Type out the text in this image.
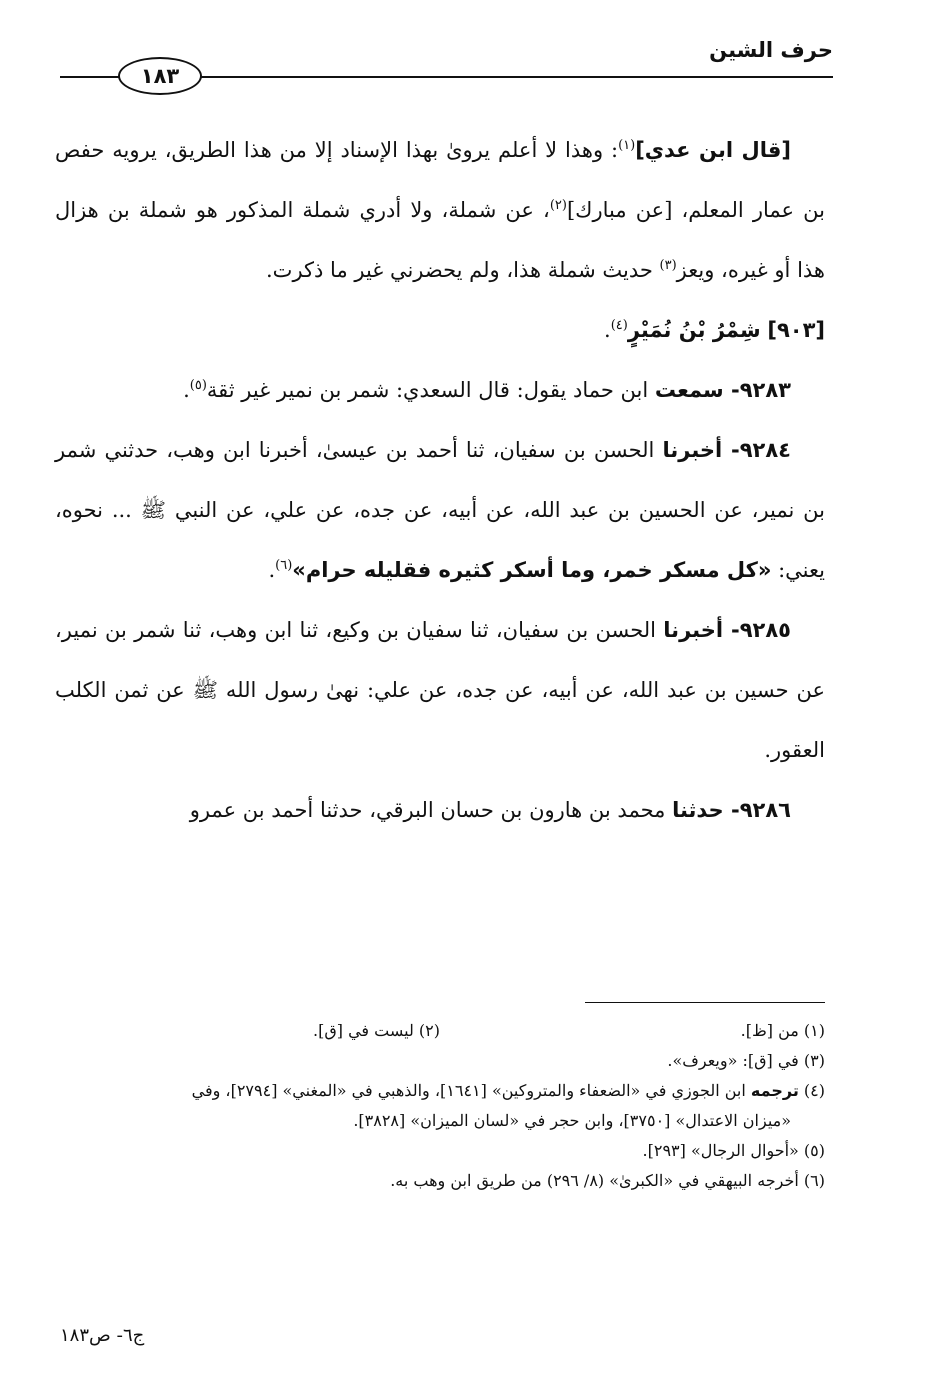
حرف الشين
١٨٣

[قال ابن عدي]$^{(١)}$: وهذا لا أعلم يروىٰ بهذا الإسناد إلا من هذا الطريق، يرويه حفص بن عمار المعلم، [عن مبارك]$^{(٢)}$، عن شملة، ولا أدري شملة المذكور هو شملة بن هزال هذا أو غيره، ويعز$^{(٣)}$ حديث شملة هذا، ولم يحضرني غير ما ذكرت.

[٩٠٣] شِمْرُ بْنُ نُمَيْرٍ$^{(٤)}$.

٩٢٨٣- سمعت ابن حماد يقول: قال السعدي: شمر بن نمير غير ثقة$^{(٥)}$.

٩٢٨٤- أخبرنا الحسن بن سفيان، ثنا أحمد بن عيسىٰ، أخبرنا ابن وهب، حدثني شمر بن نمير، عن الحسين بن عبد الله، عن أبيه، عن جده، عن علي، عن النبي ﷺ ... نحوه، يعني: «كل مسكر خمر، وما أسكر كثيره فقليله حرام»$^{(٦)}$.

٩٢٨٥- أخبرنا الحسن بن سفيان، ثنا سفيان بن وكيع، ثنا ابن وهب، ثنا شمر بن نمير، عن حسين بن عبد الله، عن أبيه، عن جده، عن علي: نهىٰ رسول الله ﷺ عن ثمن الكلب العقور.

٩٢٨٦- حدثنا محمد بن هارون بن حسان البرقي، حدثنا أحمد بن عمرو

(١) من [ظ].
(٢) ليست في [ق].
(٣) في [ق]: «ويعرف».
(٤) ترجمه ابن الجوزي في «الضعفاء والمتروكين» [١٦٤١]، والذهبي في «المغني» [٢٧٩٤]، وفي
«ميزان الاعتدال» [٣٧٥٠]، وابن حجر في «لسان الميزان» [٣٨٢٨].
(٥) «أحوال الرجال» [٢٩٣].
(٦) أخرجه البيهقي في «الكبرىٰ» (٨/ ٢٩٦) من طريق ابن وهب به.
ج٦- ص١٨٣
